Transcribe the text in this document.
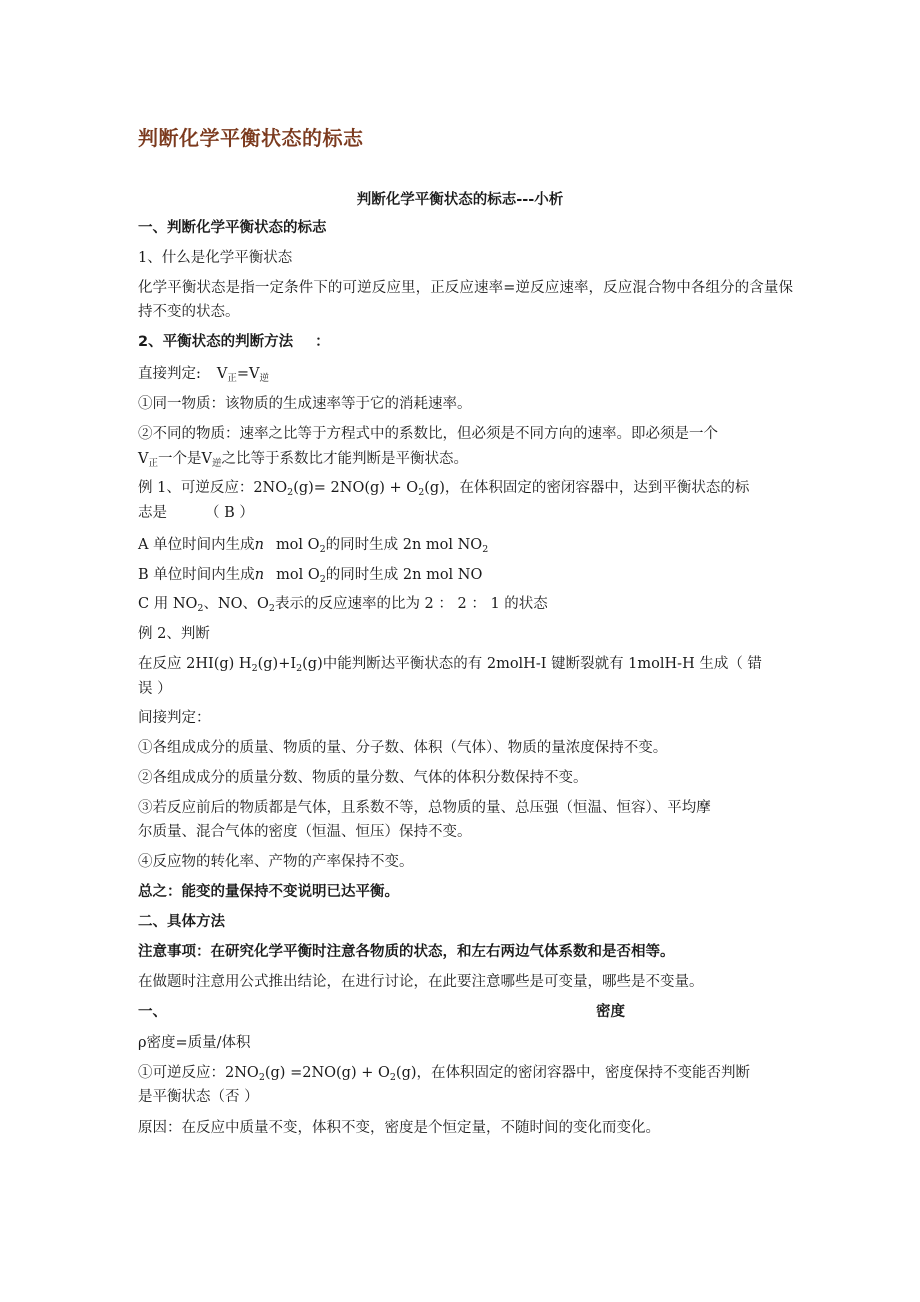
判断化学平衡状态的标志
判断化学平衡状态的标志---小析
一、判断化学平衡状态的标志
1、什么是化学平衡状态
化学平衡状态是指一定条件下的可逆反应里，正反应速率=逆反应速率，反应混合物中各组分的含量保持不变的状态。
2、平衡状态的判断方法 ：
直接判定: $V_正=V_逆$
①同一物质：该物质的生成速率等于它的消耗速率。
②不同的物质：速率之比等于方程式中的系数比，但必须是不同方向的速率。即必须是一个
$V_正$一个是$V_逆$之比等于系数比才能判断是平衡状态。
例 1、可逆反应：$2NO_2(g)= 2NO(g) + O_2(g)$，在体积固定的密闭容器中，达到平衡状态的标
志是	（ B ）
A 单位时间内生成n mol $O_2$的同时生成 2n mol $NO_2$
B 单位时间内生成n mol $O_2$的同时生成 2n mol NO
C 用 $NO_2$、NO、$O_2$表示的反应速率的比为 2 ： 2 ： 1 的状态
例 2、判断
在反应 2HI(g) $H_2(g)+I_2(g)$中能判断达平衡状态的有 2molH-I 键断裂就有 1molH-H 生成（ 错
误 ）
间接判定：
①各组成成分的质量、物质的量、分子数、体积（气体）、物质的量浓度保持不变。
②各组成成分的质量分数、物质的量分数、气体的体积分数保持不变。
③若反应前后的物质都是气体，且系数不等，总物质的量、总压强（恒温、恒容）、平均摩
尔质量、混合气体的密度（恒温、恒压）保持不变。
④反应物的转化率、产物的产率保持不变。
总之：能变的量保持不变说明已达平衡。
二、具体方法
注意事项：在研究化学平衡时注意各物质的状态，和左右两边气体系数和是否相等。
在做题时注意用公式推出结论，在进行讨论，在此要注意哪些是可变量，哪些是不变量。
一、	密度
ρ密度=质量/体积
①可逆反应：$2NO_2(g) =2NO(g) + O_2(g)$，在体积固定的密闭容器中，密度保持不变能否判断
是平衡状态（否 ）
原因：在反应中质量不变，体积不变，密度是个恒定量，不随时间的变化而变化。
